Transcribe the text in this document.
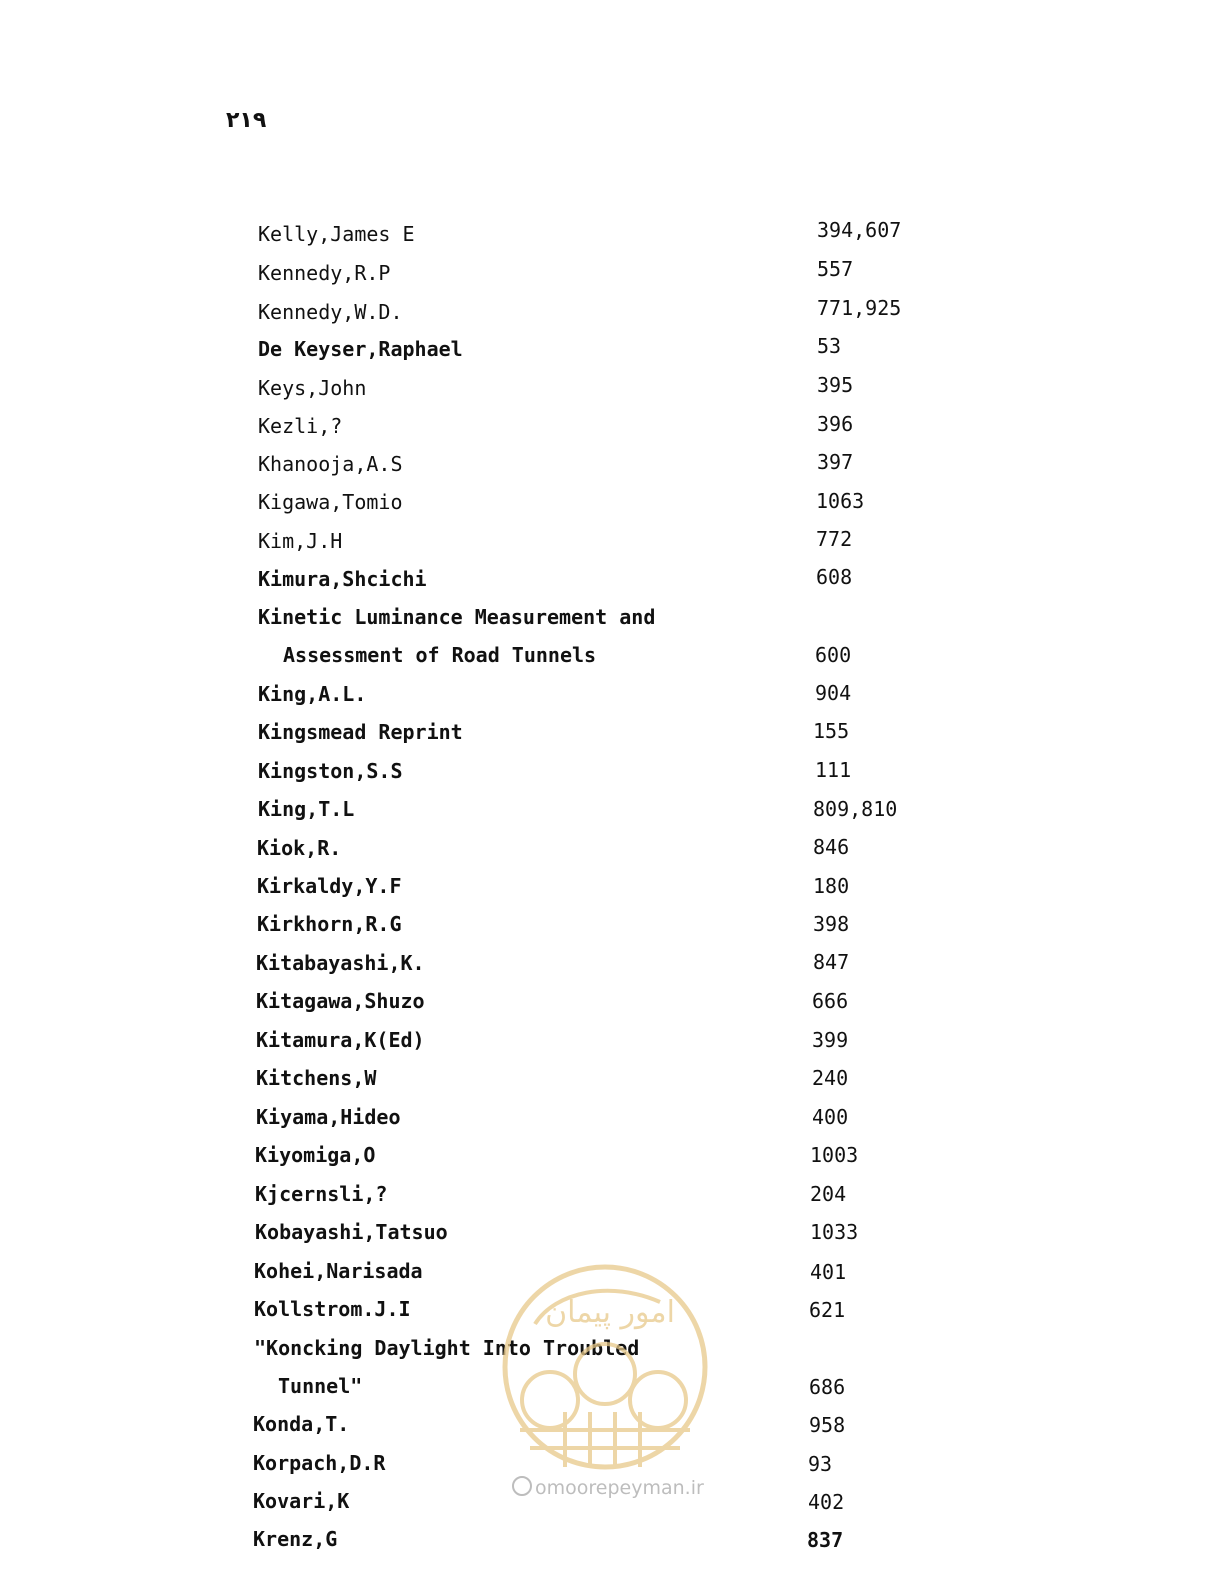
۲۱۹
Kelly,James E	394,607
Kennedy,R.P	557
Kennedy,W.D.	771,925
De Keyser,Raphael	53
Keys,John	395
Kezli,?	396
Khanooja,A.S	397
Kigawa,Tomio	1063
Kim,J.H	772
Kimura,Shcichi	608
Kinetic Luminance Measurement and
Assessment of Road Tunnels	600
King,A.L.	904
Kingsmead Reprint	155
Kingston,S.S	111
King,T.L	809,810
Kiok,R.	846
Kirkaldy,Y.F	180
Kirkhorn,R.G	398
Kitabayashi,K.	847
Kitagawa,Shuzo	666
Kitamura,K(Ed)	399
Kitchens,W	240
Kiyama,Hideo	400
Kiyomiga,O	1003
Kjcernsli,?	204
Kobayashi,Tatsuo	1033
Kohei,Narisada	401
Kollstrom.J.I	621
"Koncking Daylight Into Troubled
Tunnel"	686
Konda,T.	958
Korpach,D.R	93
Kovari,K	402
Krenz,G	837
امور پیمان
omoorepeyman.ir
